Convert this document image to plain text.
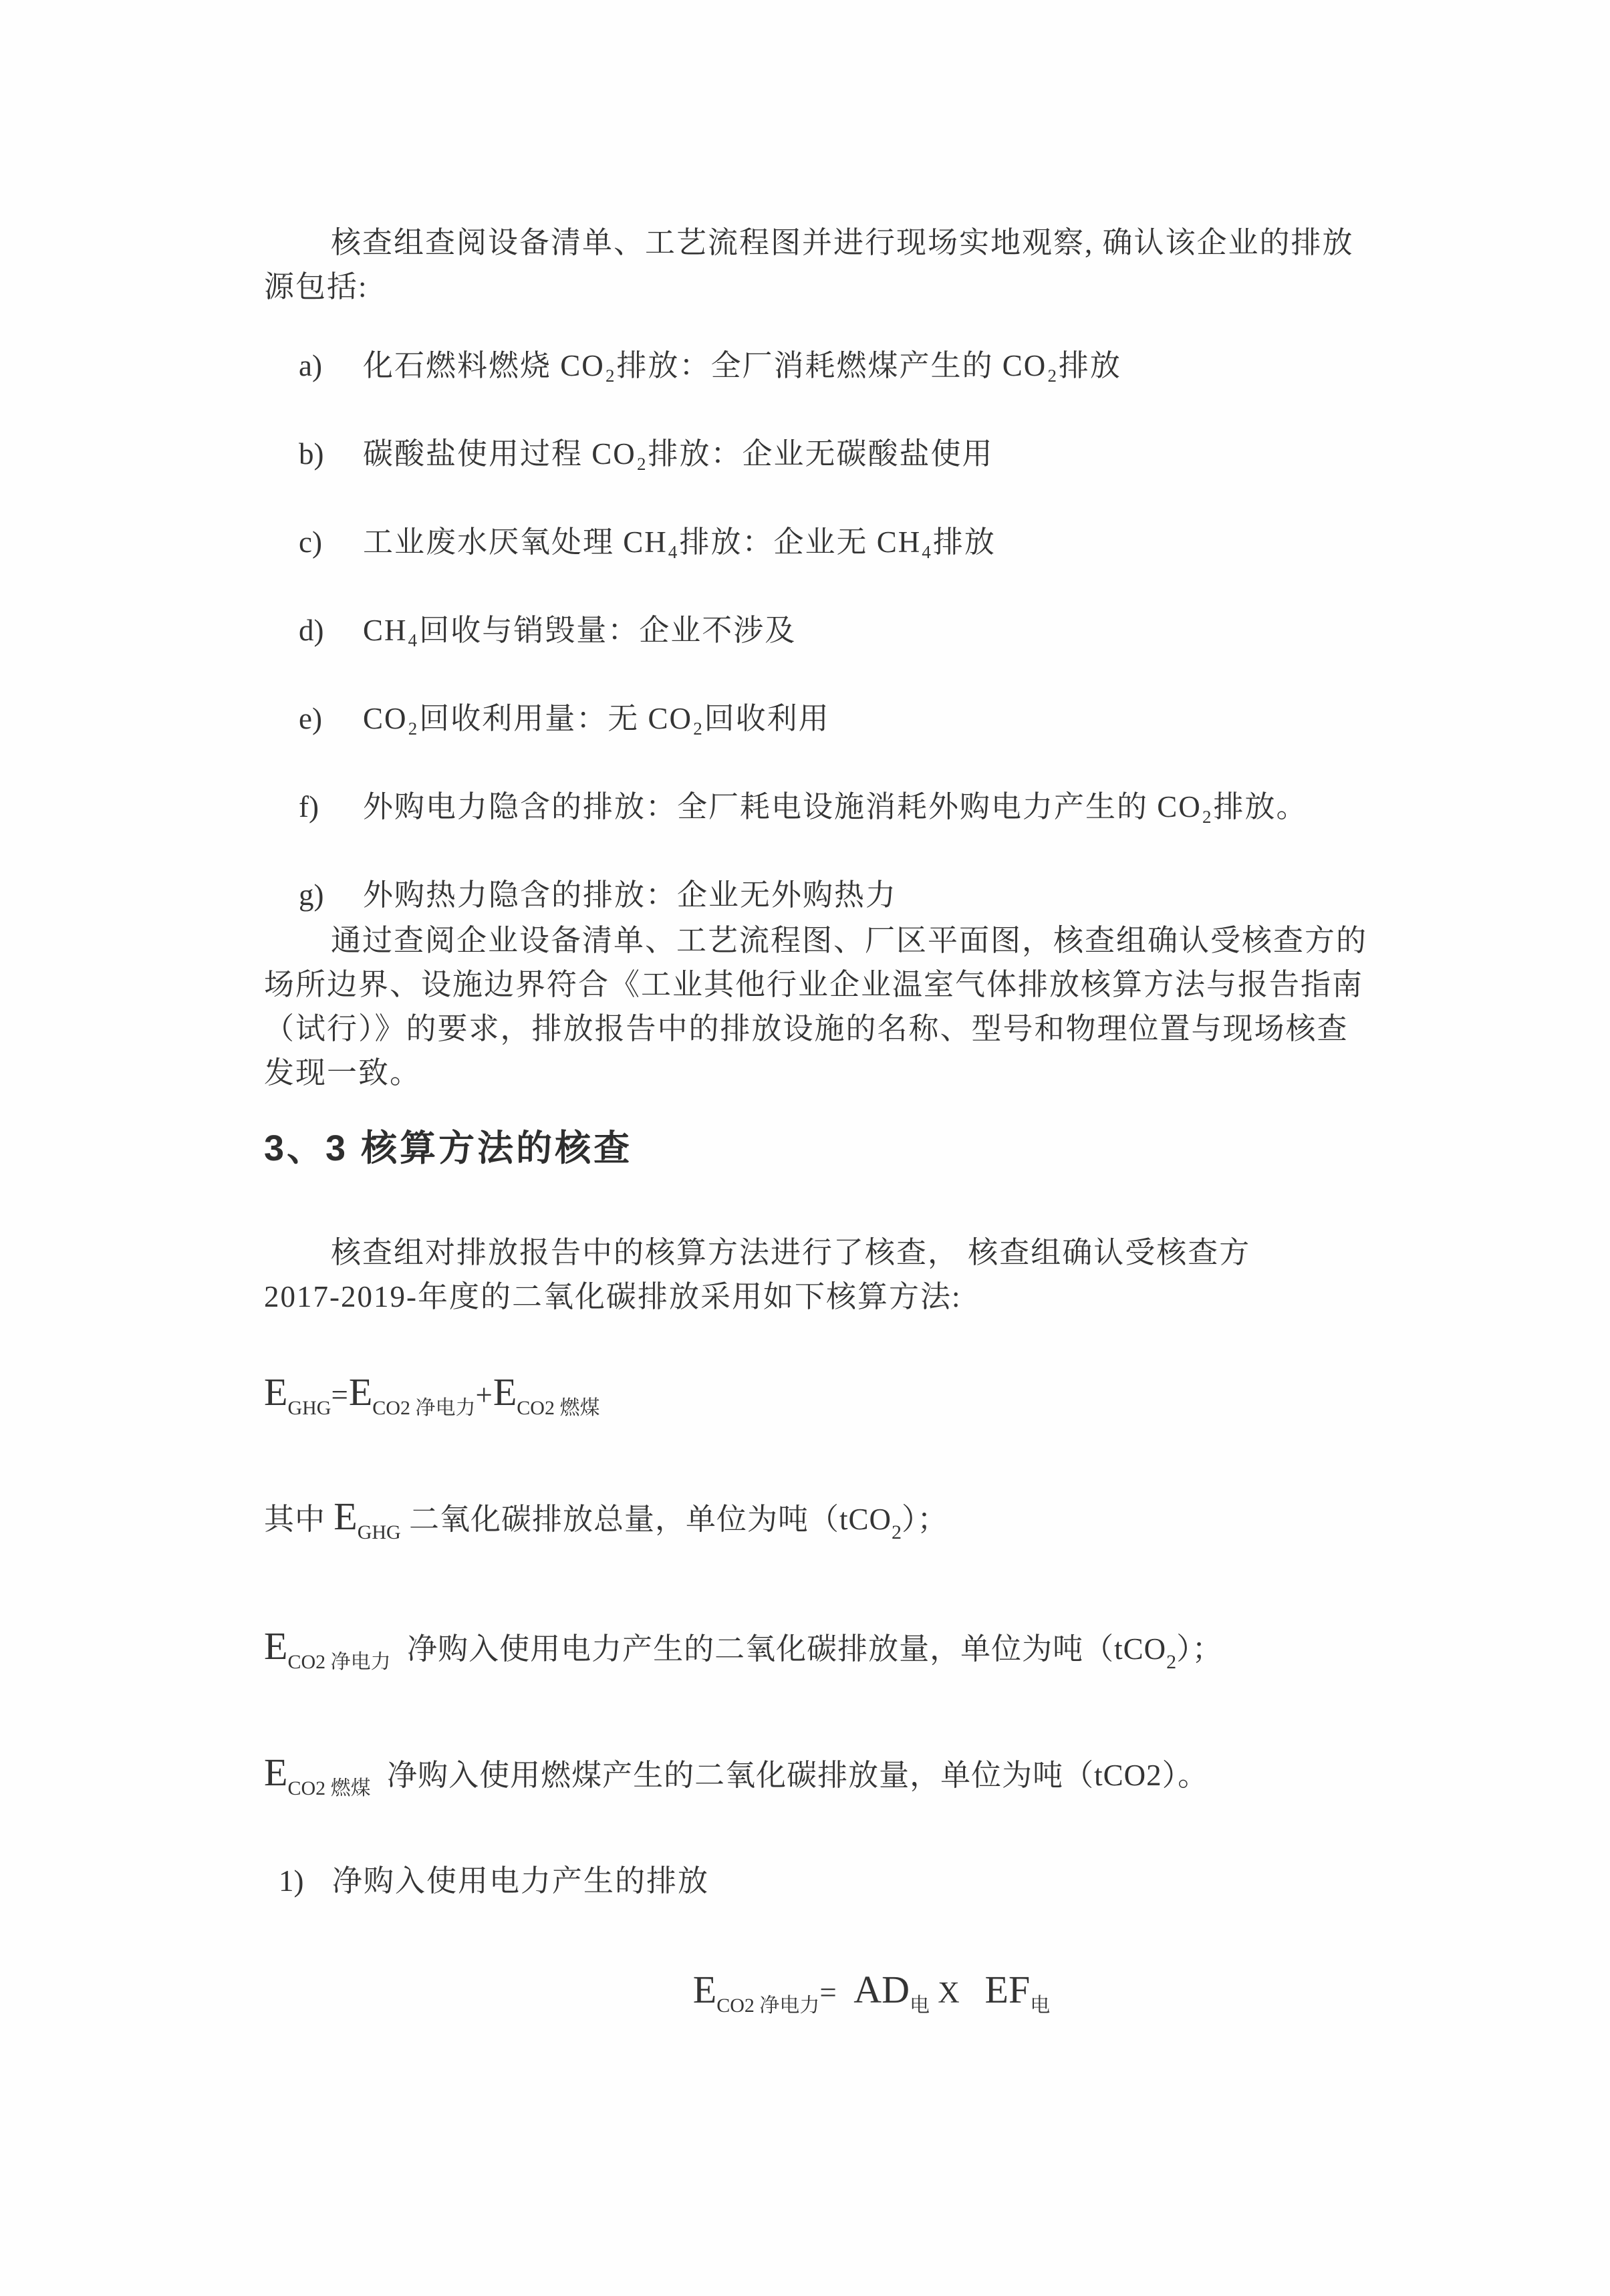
核查组查阅设备清单、工艺流程图并进行现场实地观察, 确认该企业的排放
源包括:
a)	化石燃料燃烧 CO₂排放：全厂消耗燃煤产生的 CO₂排放
b)	碳酸盐使用过程 CO₂排放：企业无碳酸盐使用
c)	工业废水厌氧处理 CH₄排放：企业无 CH₄排放
d)	CH₄回收与销毁量：企业不涉及
e)	CO₂回收利用量：无 CO₂回收利用
f)	外购电力隐含的排放：全厂耗电设施消耗外购电力产生的 CO₂排放。
g)	外购热力隐含的排放：企业无外购热力
通过查阅企业设备清单、工艺流程图、厂区平面图，核查组确认受核查方的
场所边界、设施边界符合《工业其他行业企业温室气体排放核算方法与报告指南
（试行）》的要求，排放报告中的排放设施的名称、型号和物理位置与现场核查
发现一致。
3、3 核算方法的核查
核查组对排放报告中的核算方法进行了核查， 核查组确认受核查方
2017-2019-年度的二氧化碳排放采用如下核算方法:
$E_{GHG}=E_{CO2 净电力}+E_{CO2 燃煤}$
其中 $E_{GHG}$ 二氧化碳排放总量，单位为吨（tCO$_2$）；
$E_{CO2 净电力}$  净购入使用电力产生的二氧化碳排放量，单位为吨（tCO$_2$）；
$E_{CO2 燃煤}$  净购入使用燃煤产生的二氧化碳排放量，单位为吨（tCO2）。
1) 净购入使用电力产生的排放
$E_{CO2 净电力}= AD_电$ X   $EF_电$
